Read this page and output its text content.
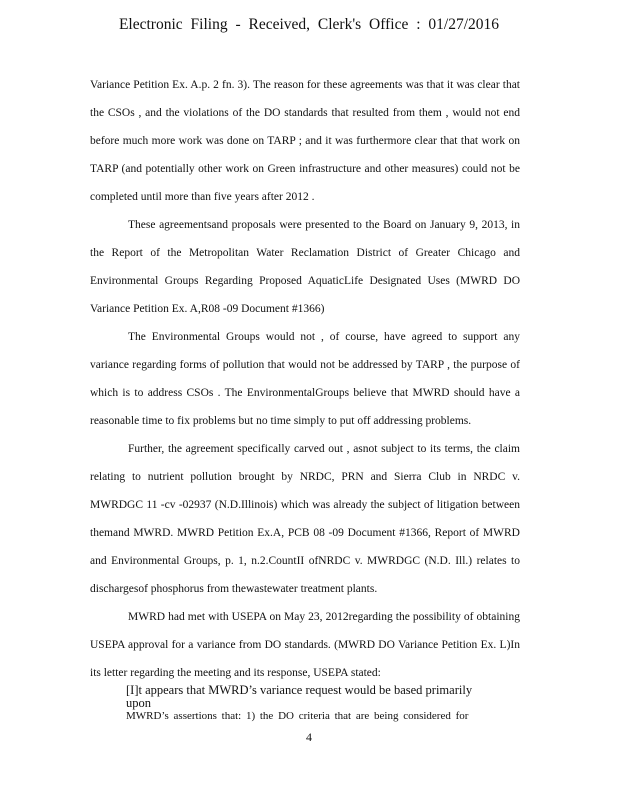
Electronic Filing - Received, Clerk's Office : 01/27/2016

Variance Petition Ex. A.p. 2 fn. 3). The reason for these agreements was that it was clear that the CSOs , and the violations of the DO standards that resulted from them , would not end before much more work was done on TARP ; and it was furthermore clear that that work on TARP (and potentially other work on Green infrastructure and other measures) could not be completed until more than five years after 2012 .

These agreementsand proposals were presented to the Board on January 9, 2013, in the Report of the Metropolitan Water Reclamation District of Greater Chicago and Environmental Groups Regarding Proposed AquaticLife Designated Uses (MWRD DO Variance Petition Ex. A,R08 -09 Document #1366)

The Environmental Groups would not , of course, have agreed to support any variance regarding forms of pollution that would not be addressed by TARP , the purpose of which is to address CSOs . The EnvironmentalGroups believe that MWRD should have a reasonable time to fix problems but no time simply to put off addressing problems.

Further, the agreement specifically carved out , asnot subject to its terms, the claim relating to nutrient pollution brought by NRDC, PRN and Sierra Club in NRDC v. MWRDGC 11 -cv -02937 (N.D.Illinois) which was already the subject of litigation between themand MWRD. MWRD Petition Ex.A, PCB 08 -09 Document #1366, Report of MWRD and Environmental Groups, p. 1, n.2.CountII ofNRDC v. MWRDGC (N.D. Ill.) relates to dischargesof phosphorus from thewastewater treatment plants.

MWRD had met with USEPA on May 23, 2012regarding the possibility of obtaining USEPA approval for a variance from DO standards. (MWRD DO Variance Petition Ex. L)In its letter regarding the meeting and its response, USEPA stated:

[I]t appears that MWRD’s variance request would be based primarily upon
MWRD’s assertions that: 1) the DO criteria that are being considered for
4
